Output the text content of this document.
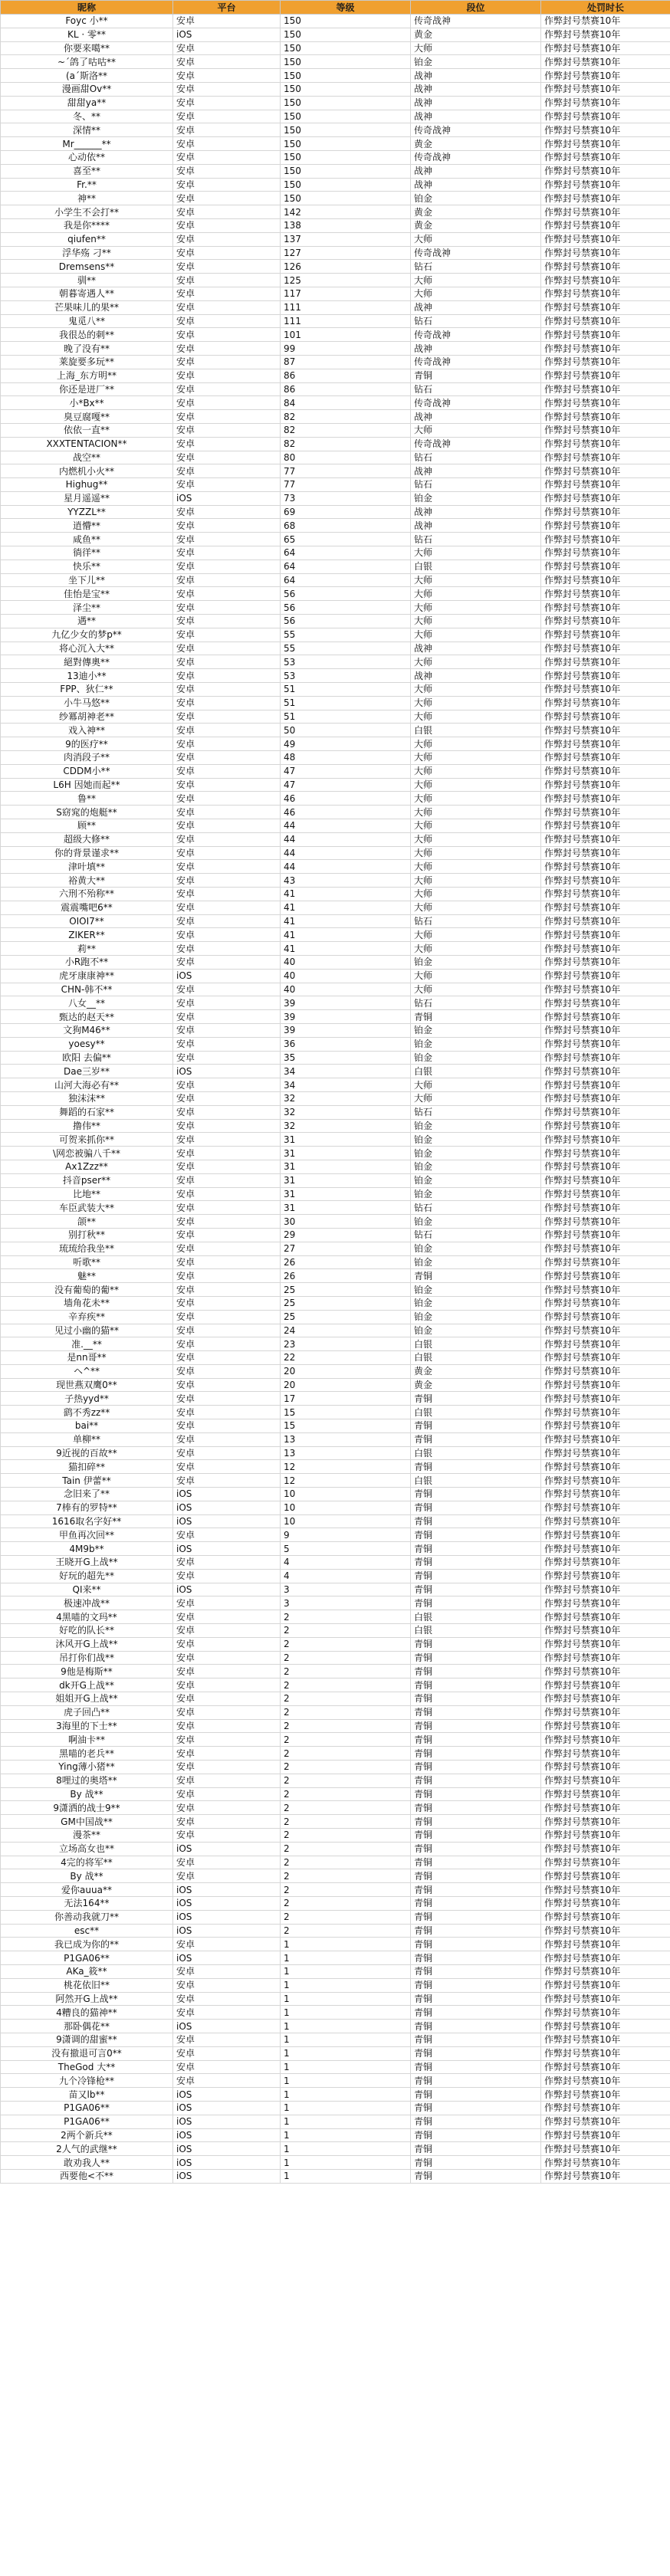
昵称	平台	等级	段位	处罚时长
Foyc 小**	安卓	150	传奇战神	作弊封号禁赛10年
KL · 零**	iOS	150	黄金	作弊封号禁赛10年
你要来噶**	安卓	150	大师	作弊封号禁赛10年
~´鸽了咕咕**	安卓	150	铂金	作弊封号禁赛10年
(a´斯洛**	安卓	150	战神	作弊封号禁赛10年
漫画甜Ov**	安卓	150	战神	作弊封号禁赛10年
甜甜ya**	安卓	150	战神	作弊封号禁赛10年
冬、**	安卓	150	战神	作弊封号禁赛10年
深情**	安卓	150	传奇战神	作弊封号禁赛10年
Mr______**	安卓	150	黄金	作弊封号禁赛10年
心动依**	安卓	150	传奇战神	作弊封号禁赛10年
喜至**	安卓	150	战神	作弊封号禁赛10年
Fr.**	安卓	150	战神	作弊封号禁赛10年
神**	安卓	150	铂金	作弊封号禁赛10年
小学生不会打**	安卓	142	黄金	作弊封号禁赛10年
我是你****	安卓	138	黄金	作弊封号禁赛10年
qiufen**	安卓	137	大师	作弊封号禁赛10年
浮华殇 刁**	安卓	127	传奇战神	作弊封号禁赛10年
Dremsens**	安卓	126	钻石	作弊封号禁赛10年
驯**	安卓	125	大师	作弊封号禁赛10年
朝暮寄遇人**	安卓	117	大师	作弊封号禁赛10年
芒果味儿的果**	安卓	111	战神	作弊封号禁赛10年
鬼觅八**	安卓	111	钻石	作弊封号禁赛10年
我很怂的刺**	安卓	101	传奇战神	作弊封号禁赛10年
晚了没有**	安卓	99	战神	作弊封号禁赛10年
莱旋要多玩**	安卓	87	传奇战神	作弊封号禁赛10年
上海_东方明**	安卓	86	青铜	作弊封号禁赛10年
你还是迸厂**	安卓	86	钻石	作弊封号禁赛10年
小*Bx**	安卓	84	传奇战神	作弊封号禁赛10年
臭豆腐嘎**	安卓	82	战神	作弊封号禁赛10年
依依一直**	安卓	82	大师	作弊封号禁赛10年
XXXTENTACION**	安卓	82	传奇战神	作弊封号禁赛10年
战空**	安卓	80	钻石	作弊封号禁赛10年
内燃机小火**	安卓	77	战神	作弊封号禁赛10年
Highug**	安卓	77	钻石	作弊封号禁赛10年
星月遥遥**	iOS	73	铂金	作弊封号禁赛10年
YYZZL**	安卓	69	战神	作弊封号禁赛10年
逍懵**	安卓	68	战神	作弊封号禁赛10年
咸鱼**	安卓	65	钻石	作弊封号禁赛10年
徜徉**	安卓	64	大师	作弊封号禁赛10年
快乐**	安卓	64	白银	作弊封号禁赛10年
坐下儿**	安卓	64	大师	作弊封号禁赛10年
佳怡是宝**	安卓	56	大师	作弊封号禁赛10年
泽尘**	安卓	56	大师	作弊封号禁赛10年
遇**	安卓	56	大师	作弊封号禁赛10年
九亿少女的梦p**	安卓	55	大师	作弊封号禁赛10年
将心沉入大**	安卓	55	战神	作弊封号禁赛10年
絕對傳奧**	安卓	53	大师	作弊封号禁赛10年
13迪小**	安卓	53	战神	作弊封号禁赛10年
FPP、狄仁**	安卓	51	大师	作弊封号禁赛10年
小牛马悠**	安卓	51	大师	作弊封号禁赛10年
纱冪胡神老**	安卓	51	大师	作弊封号禁赛10年
戏入神**	安卓	50	白银	作弊封号禁赛10年
9的医疗**	安卓	49	大师	作弊封号禁赛10年
肉消段子**	安卓	48	大师	作弊封号禁赛10年
CDDM小**	安卓	47	大师	作弊封号禁赛10年
L6H 因她而起**	安卓	47	大师	作弊封号禁赛10年
鲁**	安卓	46	大师	作弊封号禁赛10年
S窈窕的炮艇**	安卓	46	大师	作弊封号禁赛10年
顾**	安卓	44	大师	作弊封号禁赛10年
超级大修**	安卓	44	大师	作弊封号禁赛10年
你的背景谨求**	安卓	44	大师	作弊封号禁赛10年
津叶填**	安卓	44	大师	作弊封号禁赛10年
裕黄大**	安卓	43	大师	作弊封号禁赛10年
六刑不殆称**	安卓	41	大师	作弊封号禁赛10年
震震嘴吧6**	安卓	41	大师	作弊封号禁赛10年
OIOI7**	安卓	41	钻石	作弊封号禁赛10年
ZIKER**	安卓	41	大师	作弊封号禁赛10年
莉**	安卓	41	大师	作弊封号禁赛10年
小R跑不**	安卓	40	铂金	作弊封号禁赛10年
虎牙康康神**	iOS	40	大师	作弊封号禁赛10年
CHN-韩不**	安卓	40	大师	作弊封号禁赛10年
八女__**	安卓	39	钻石	作弊封号禁赛10年
甄达的赵天**	安卓	39	青铜	作弊封号禁赛10年
文狗M46**	安卓	39	铂金	作弊封号禁赛10年
yoesy**	安卓	36	铂金	作弊封号禁赛10年
欧阳 去偏**	安卓	35	铂金	作弊封号禁赛10年
Dae三岁**	iOS	34	白银	作弊封号禁赛10年
山河大海必有**	安卓	34	大师	作弊封号禁赛10年
独沫沫**	安卓	32	大师	作弊封号禁赛10年
舞蹈的石家**	安卓	32	钻石	作弊封号禁赛10年
撸伟**	安卓	32	铂金	作弊封号禁赛10年
可贺来抓你**	安卓	31	铂金	作弊封号禁赛10年
\网恋被骗八千**	安卓	31	铂金	作弊封号禁赛10年
Ax1Zzz**	安卓	31	铂金	作弊封号禁赛10年
抖音pser**	安卓	31	铂金	作弊封号禁赛10年
比地**	安卓	31	铂金	作弊封号禁赛10年
车臣武装大**	安卓	31	钻石	作弊封号禁赛10年
颌**	安卓	30	铂金	作弊封号禁赛10年
别打秋**	安卓	29	钻石	作弊封号禁赛10年
琉琉给我坐**	安卓	27	铂金	作弊封号禁赛10年
听歌**	安卓	26	铂金	作弊封号禁赛10年
魅**	安卓	26	青铜	作弊封号禁赛10年
没有葡萄的葡**	安卓	25	铂金	作弊封号禁赛10年
墙角花未**	安卓	25	铂金	作弊封号禁赛10年
辛弃疾**	安卓	25	铂金	作弊封号禁赛10年
见过小幽的猫**	安卓	24	铂金	作弊封号禁赛10年
准.__**	安卓	23	白银	作弊封号禁赛10年
是nn哥**	安卓	22	白银	作弊封号禁赛10年
ヘ^**	安卓	20	黄金	作弊封号禁赛10年
现世燕双鹰0**	安卓	20	黄金	作弊封号禁赛10年
子热yyd**	安卓	17	青铜	作弊封号禁赛10年
鹞不秀zz**	安卓	15	白银	作弊封号禁赛10年
bai**	安卓	15	青铜	作弊封号禁赛10年
单柳**	安卓	13	青铜	作弊封号禁赛10年
9近视的百故**	安卓	13	白银	作弊封号禁赛10年
猫扣碎**	安卓	12	青铜	作弊封号禁赛10年
Tain 伊蕾**	安卓	12	白银	作弊封号禁赛10年
念旧来了**	iOS	10	青铜	作弊封号禁赛10年
7棒有的罗特**	iOS	10	青铜	作弊封号禁赛10年
1616取名字好**	iOS	10	青铜	作弊封号禁赛10年
甲鱼再次回**	安卓	9	青铜	作弊封号禁赛10年
4M9b**	iOS	5	青铜	作弊封号禁赛10年
王晓开G上战**	安卓	4	青铜	作弊封号禁赛10年
好玩的超先**	安卓	4	青铜	作弊封号禁赛10年
QI来**	iOS	3	青铜	作弊封号禁赛10年
极速冲战**	安卓	3	青铜	作弊封号禁赛10年
4黑喵的文玛**	安卓	2	白银	作弊封号禁赛10年
好吃的队长**	安卓	2	白银	作弊封号禁赛10年
沐风开G上战**	安卓	2	青铜	作弊封号禁赛10年
吊打你们战**	安卓	2	青铜	作弊封号禁赛10年
9他是梅斯**	安卓	2	青铜	作弊封号禁赛10年
dk开G上战**	安卓	2	青铜	作弊封号禁赛10年
姐姐开G上战**	安卓	2	青铜	作弊封号禁赛10年
虎子回凸**	安卓	2	青铜	作弊封号禁赛10年
3海里的下士**	安卓	2	青铜	作弊封号禁赛10年
啊油卡**	安卓	2	青铜	作弊封号禁赛10年
黑喵的老兵**	安卓	2	青铜	作弊封号禁赛10年
Ying薄小猪**	安卓	2	青铜	作弊封号禁赛10年
8哩过的奥塔**	安卓	2	青铜	作弊封号禁赛10年
By 战**	安卓	2	青铜	作弊封号禁赛10年
9潇洒的战士9**	安卓	2	青铜	作弊封号禁赛10年
GM中国战**	安卓	2	青铜	作弊封号禁赛10年
漫茶**	安卓	2	青铜	作弊封号禁赛10年
立场高女也**	iOS	2	青铜	作弊封号禁赛10年
4完的将军**	安卓	2	青铜	作弊封号禁赛10年
By 战**	安卓	2	青铜	作弊封号禁赛10年
爱你auua**	iOS	2	青铜	作弊封号禁赛10年
无法164**	iOS	2	青铜	作弊封号禁赛10年
你善动我就刀**	iOS	2	青铜	作弊封号禁赛10年
esc**	iOS	2	青铜	作弊封号禁赛10年
我已成为你的**	安卓	1	青铜	作弊封号禁赛10年
P1GA06**	iOS	1	青铜	作弊封号禁赛10年
AKa_筱**	安卓	1	青铜	作弊封号禁赛10年
桃花依旧**	安卓	1	青铜	作弊封号禁赛10年
阿然开G上战**	安卓	1	青铜	作弊封号禁赛10年
4糟良的猫神**	安卓	1	青铜	作弊封号禁赛10年
那卧偶花**	iOS	1	青铜	作弊封号禁赛10年
9潇调的甜蜜**	安卓	1	青铜	作弊封号禁赛10年
没有撤退可言0**	安卓	1	青铜	作弊封号禁赛10年
TheGod 大**	安卓	1	青铜	作弊封号禁赛10年
九个冷锋枪**	安卓	1	青铜	作弊封号禁赛10年
苗又lb**	iOS	1	青铜	作弊封号禁赛10年
P1GA06**	iOS	1	青铜	作弊封号禁赛10年
P1GA06**	iOS	1	青铜	作弊封号禁赛10年
2两个新兵**	iOS	1	青铜	作弊封号禁赛10年
2人气的武继**	iOS	1	青铜	作弊封号禁赛10年
敢劝我人**	iOS	1	青铜	作弊封号禁赛10年
西要他<不**	iOS	1	青铜	作弊封号禁赛10年
